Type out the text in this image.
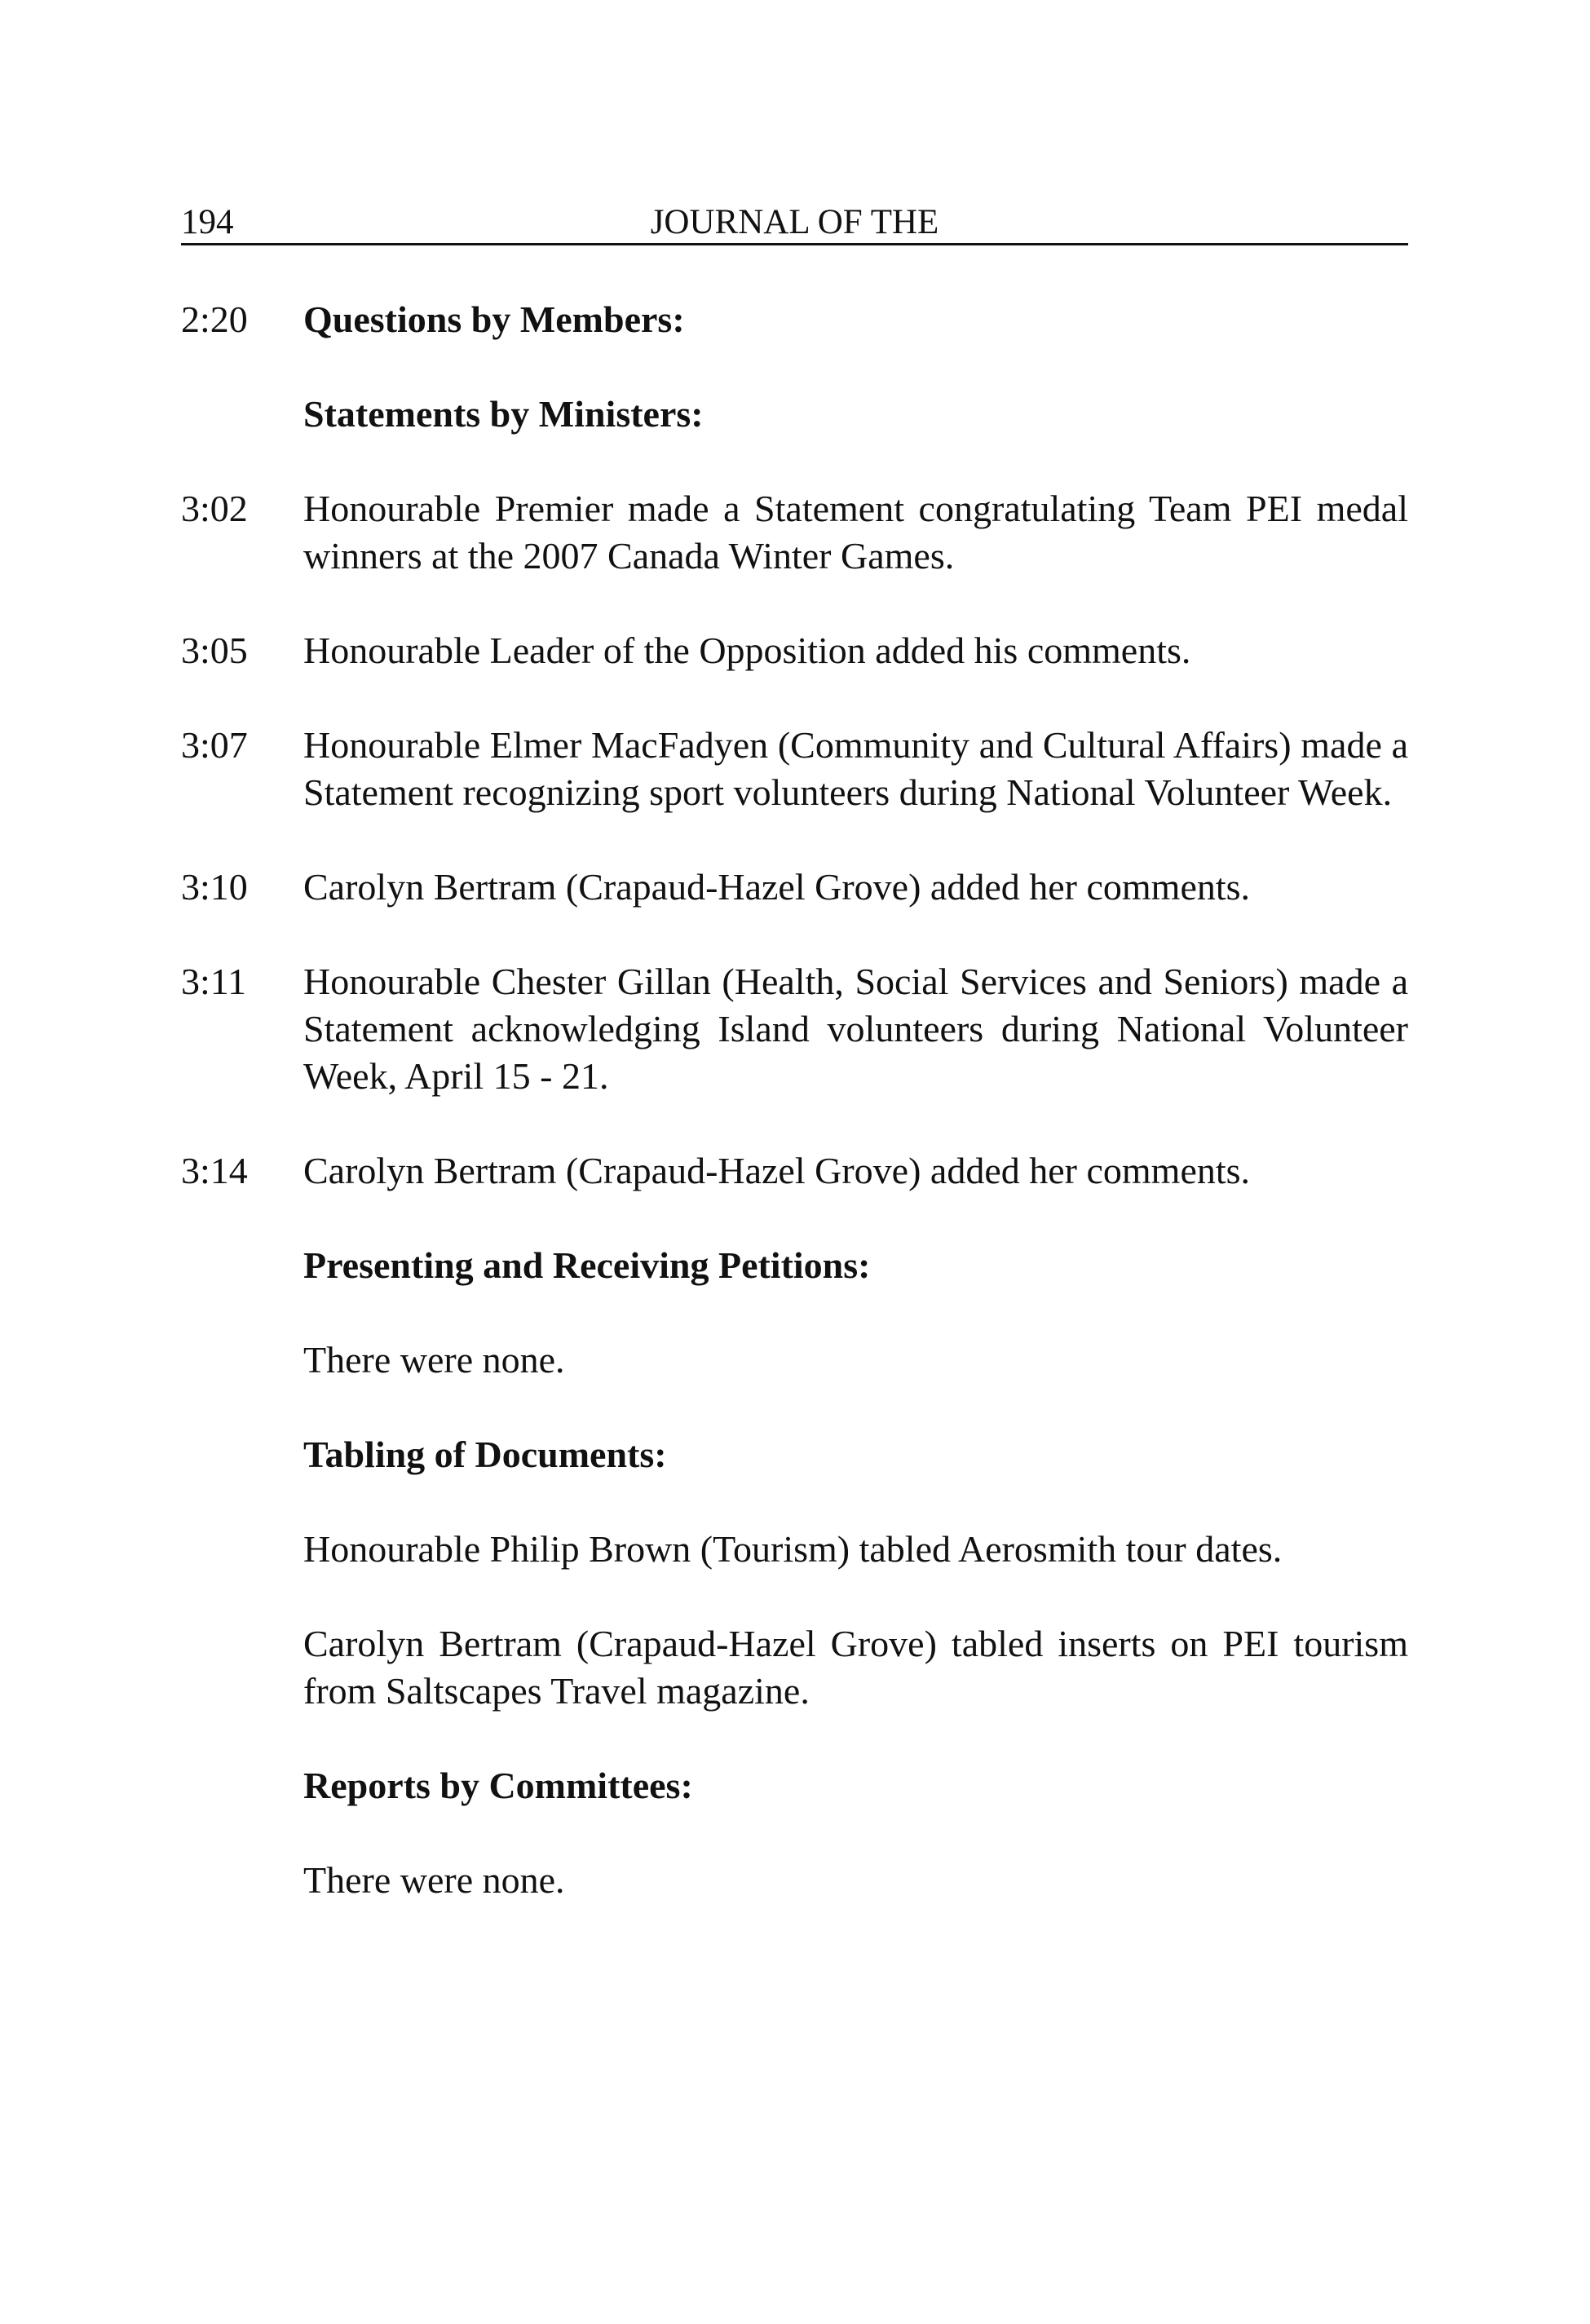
194	JOURNAL OF THE
2:20	Questions by Members:
Statements by Ministers:
3:02	Honourable Premier made a Statement congratulating Team PEI medal winners at the 2007 Canada Winter Games.
3:05	Honourable Leader of the Opposition added his comments.
3:07	Honourable Elmer MacFadyen (Community and Cultural Affairs) made a Statement recognizing sport volunteers during National Volunteer Week.
3:10	Carolyn Bertram (Crapaud-Hazel Grove) added her comments.
3:11	Honourable Chester Gillan (Health, Social Services and Seniors) made a Statement acknowledging Island volunteers during National Volunteer Week, April 15 - 21.
3:14	Carolyn Bertram (Crapaud-Hazel Grove) added her comments.
Presenting and Receiving Petitions:
There were none.
Tabling of Documents:
Honourable Philip Brown (Tourism) tabled Aerosmith tour dates.
Carolyn Bertram (Crapaud-Hazel Grove) tabled inserts on PEI tourism from Saltscapes Travel magazine.
Reports by Committees:
There were none.
